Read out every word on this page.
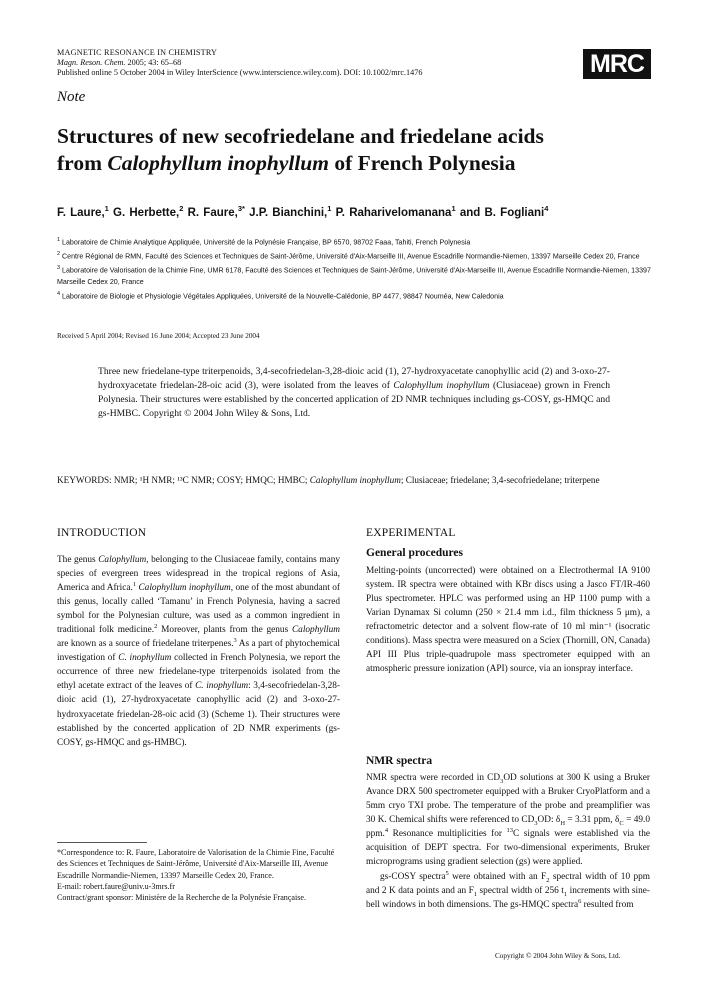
MAGNETIC RESONANCE IN CHEMISTRY
Magn. Reson. Chem. 2005; 43: 65–68
Published online 5 October 2004 in Wiley InterScience (www.interscience.wiley.com). DOI: 10.1002/mrc.1476	MRC
Note
Structures of new secofriedelane and friedelane acids
from Calophyllum inophyllum of French Polynesia
F. Laure,$^1$ G. Herbette,$^2$ R. Faure,$^{3*}$ J.P. Bianchini,$^1$ P. Raharivelomanana$^1$ and B. Fogliani$^4$
$^1$ Laboratoire de Chimie Analytique Appliquée, Université de la Polynésie Française, BP 6570, 98702 Faaa, Tahiti, French Polynesia
$^2$ Centre Régional de RMN, Faculté des Sciences et Techniques de Saint-Jérôme, Université d'Aix-Marseille III, Avenue Escadrille Normandie-Niemen, 13397 Marseille Cedex 20, France
$^3$ Laboratoire de Valorisation de la Chimie Fine, UMR 6178, Faculté des Sciences et Techniques de Saint-Jérôme, Université d'Aix-Marseille III, Avenue Escadrille Normandie-Niemen, 13397 Marseille Cedex 20, France
$^4$ Laboratoire de Biologie et Physiologie Végétales Appliquées, Université de la Nouvelle-Calédonie, BP 4477, 98847 Nouméa, New Caledonia
Received 5 April 2004; Revised 16 June 2004; Accepted 23 June 2004
Three new friedelane-type triterpenoids, 3,4-secofriedelan-3,28-dioic acid (1), 27-hydroxyacetate canophyllic acid (2) and 3-oxo-27-hydroxyacetate friedelan-28-oic acid (3), were isolated from the leaves of Calophyllum inophyllum (Clusiaceae) grown in French Polynesia. Their structures were established by the concerted application of 2D NMR techniques including gs-COSY, gs-HMQC and gs-HMBC. Copyright © 2004 John Wiley & Sons, Ltd.
KEYWORDS: NMR; ¹H NMR; ¹³C NMR; COSY; HMQC; HMBC; Calophyllum inophyllum; Clusiaceae; friedelane; 3,4-secofriedelane; triterpene
INTRODUCTION
The genus Calophyllum, belonging to the Clusiaceae family, contains many species of evergreen trees widespread in the tropical regions of Asia, America and Africa.$^1$ Calophyllum inophyllum, one of the most abundant of this genus, locally called ‘Tamanu’ in French Polynesia, having a sacred symbol for the Polynesian culture, was used as a common ingredient in traditional folk medicine.$^2$ Moreover, plants from the genus Calophyllum are known as a source of friedelane triterpenes.$^3$ As a part of phytochemical investigation of C. inophyllum collected in French Polynesia, we report the occurrence of three new friedelane-type triterpenoids isolated from the ethyl acetate extract of the leaves of C. inophyllum: 3,4-secofriedelan-3,28-dioic acid (1), 27-hydroxyacetate canophyllic acid (2) and 3-oxo-27-hydroxyacetate friedelan-28-oic acid (3) (Scheme 1). Their structures were established by the concerted application of 2D NMR experiments (gs-COSY, gs-HMQC and gs-HMBC).
EXPERIMENTAL
General procedures
Melting-points (uncorrected) were obtained on a Electrothermal IA 9100 system. IR spectra were obtained with KBr discs using a Jasco FT/IR-460 Plus spectrometer. HPLC was performed using an HP 1100 pump with a Varian Dynamax Si column (250 × 21.4 mm i.d., film thickness 5 μm), a refractometric detector and a solvent flow-rate of 10 ml min⁻¹ (isocratic conditions). Mass spectra were measured on a Sciex (Thornill, ON, Canada) API III Plus triple-quadrupole mass spectrometer equipped with an atmospheric pressure ionization (API) source, via an ionspray interface.
NMR spectra
NMR spectra were recorded in $CD_3OD$ solutions at 300 K using a Bruker Avance DRX 500 spectrometer equipped with a Bruker CryoPlatform and a 5mm cryo TXI probe. The temperature of the probe and preamplifier was 30 K. Chemical shifts were referenced to $CD_3OD$: $\delta_H = 3.31$ ppm, $\delta_C = 49.0$ ppm.$^4$ Resonance multiplicities for $^{13}$C signals were established via the acquisition of DEPT spectra. For two-dimensional experiments, Bruker microprograms using gradient selection (gs) were applied.
gs-COSY spectra$^5$ were obtained with an $F_2$ spectral width of 10 ppm and 2 K data points and an $F_1$ spectral width of 256 $t_1$ increments with sine-bell windows in both dimensions. The gs-HMQC spectra$^6$ resulted from
*Correspondence to: R. Faure, Laboratoire de Valorisation de la Chimie Fine, Faculté des Sciences et Techniques de Saint-Jérôme, Université d'Aix-Marseille III, Avenue Escadrille Normandie-Niemen, 13397 Marseille Cedex 20, France.
E-mail: robert.faure@univ.u-3mrs.fr
Contract/grant sponsor: Ministère de la Recherche de la Polynésie Française.
Copyright © 2004 John Wiley & Sons, Ltd.
